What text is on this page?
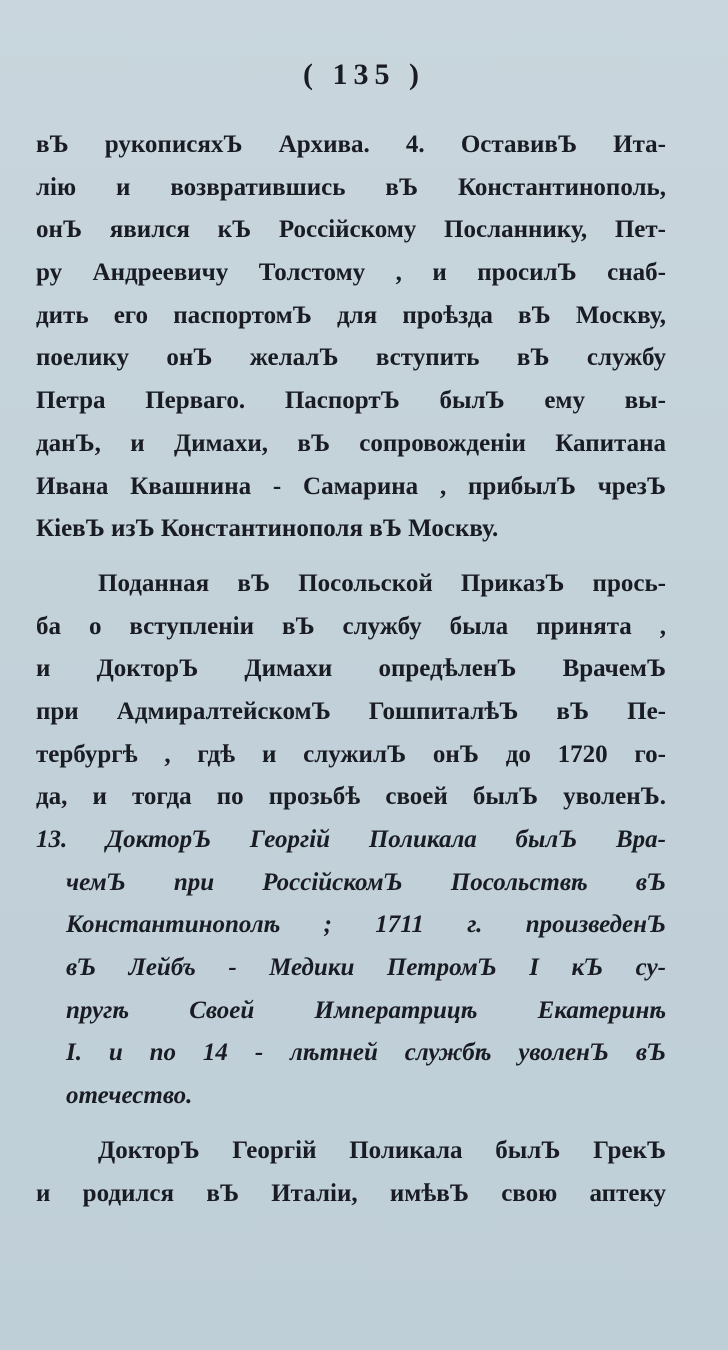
( 135 )
вЪ рукописяхЪ Архива. 4. ОставивЪ Ита-
лію и возвратившись вЪ Константинополь,
онЪ явился кЪ Россійскому Посланнику, Пет-
ру Андреевичу Толстому , и просилЪ снаб-
дить его паспортомЪ для проѣзда вЪ Москву,
поелику онЪ желалЪ вступить вЪ службу
Петра Перваго. ПаспортЪ былЪ ему вы-
данЪ, и Димахи, вЪ сопровожденіи Капитана
Ивана Квашнина - Самарина , прибылЪ чрезЪ
КіевЪ изЪ Константинополя вЪ Москву.
Поданная вЪ Посольской ПриказЪ прось-
ба о вступленіи вЪ службу была принята ,
и ДокторЪ Димахи опредѣленЪ ВрачемЪ
при АдмиралтейскомЪ ГошпиталѣЪ вЪ Пе-
тербургѣ , гдѣ и служилЪ онЪ до 1720 го-
да, и тогда по прозьбѣ своей былЪ уволенЪ.
13. ДокторЪ Георгій Поликала былЪ Вра-
чемЪ при РоссійскомЪ Посольствѣ вЪ
Константинополѣ ; 1711 г. произведенЪ
вЪ Лейбъ - Медики ПетромЪ I кЪ су-
пругѣ Своей Императрицѣ Екатеринѣ
I. и по 14 - лѣтней службѣ уволенЪ вЪ
отечество.
ДокторЪ Георгій Поликала былЪ ГрекЪ
и родился вЪ Италіи, имѣвЪ свою аптеку
